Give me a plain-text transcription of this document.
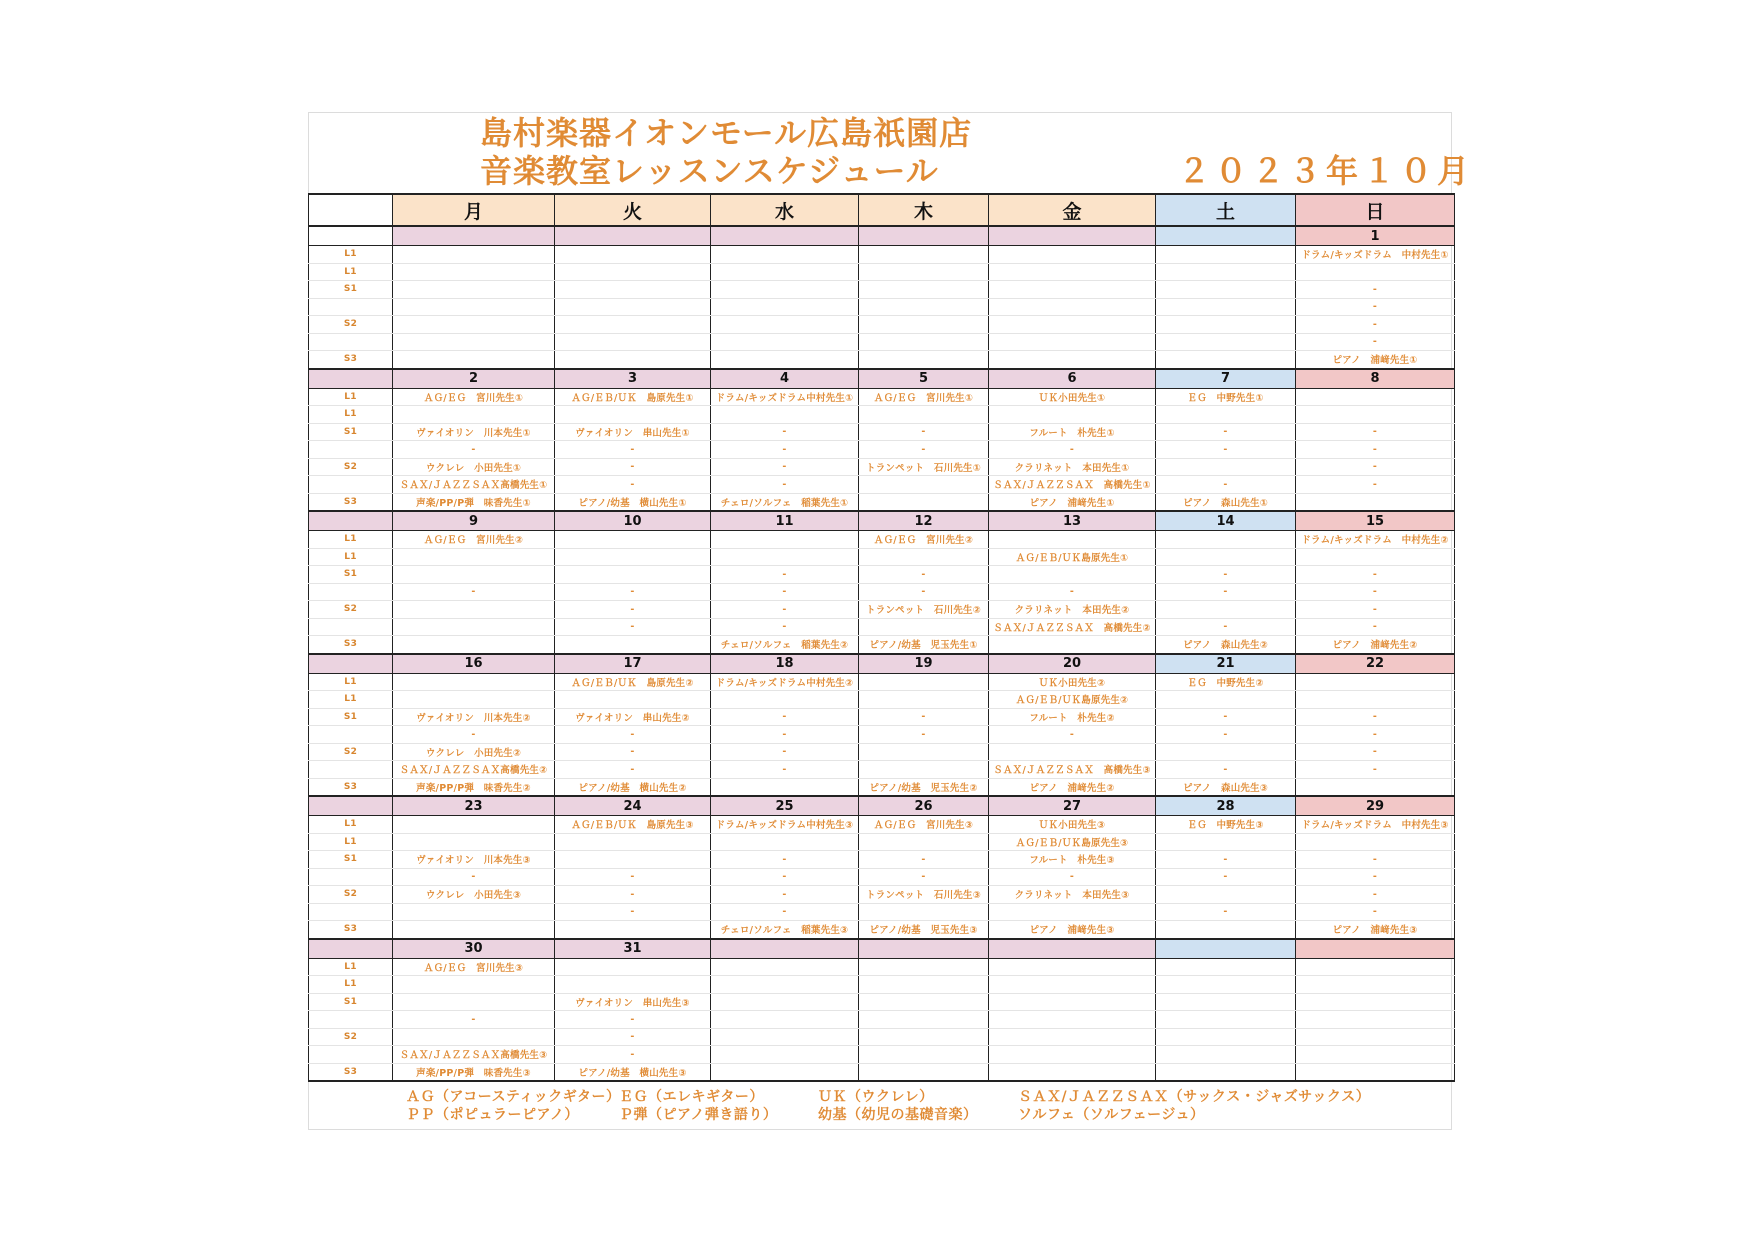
島村楽器イオンモール広島祇園店
音楽教室レッスンスケジュール	２０２３年１０月
	月	火	水	木	金	土	日
							1
L1							ドラム/キッズドラム　中村先生①
L1							
S1							-
							-
S2							-
							-
S3							ピアノ　浦﨑先生①
	2	3	4	5	6	7	8
L1	ＡＧ/ＥＧ　宮川先生①	ＡＧ/ＥＢ/ＵＫ　島原先生①	ドラム/キッズドラム中村先生①	ＡＧ/ＥＧ　宮川先生①	ＵＫ小田先生①	ＥＧ　中野先生①	
L1							
S1	ヴァイオリン　川本先生①	ヴァイオリン　串山先生①	-	-	フルート　朴先生①	-	-
	-	-	-	-	-	-	-
S2	ウクレレ　小田先生①	-	-	トランペット　石川先生①	クラリネット　本田先生①		-
	ＳＡＸ/ＪＡＺＺＳＡＸ高橋先生①	-	-		ＳＡＸ/ＪＡＺＺＳＡＸ　高橋先生①	-	-
S3	声楽/PP/P弾　味香先生①	ピアノ/幼基　横山先生①	チェロ/ソルフェ　稲葉先生①		ピアノ　浦﨑先生①	ピアノ　森山先生①	
	9	10	11	12	13	14	15
L1	ＡＧ/ＥＧ　宮川先生②			ＡＧ/ＥＧ　宮川先生②			ドラム/キッズドラム　中村先生②
L1					ＡＧ/ＥＢ/ＵＫ島原先生①		
S1			-	-		-	-
	-	-	-	-	-	-	-
S2		-	-	トランペット　石川先生②	クラリネット　本田先生②		-
		-	-		ＳＡＸ/ＪＡＺＺＳＡＸ　高橋先生②	-	-
S3			チェロ/ソルフェ　稲葉先生②	ピアノ/幼基　児玉先生①		ピアノ　森山先生②	ピアノ　浦﨑先生②
	16	17	18	19	20	21	22
L1		ＡＧ/ＥＢ/ＵＫ　島原先生②	ドラム/キッズドラム中村先生②		ＵＫ小田先生②	ＥＧ　中野先生②	
L1					ＡＧ/ＥＢ/ＵＫ島原先生②		
S1	ヴァイオリン　川本先生②	ヴァイオリン　串山先生②	-	-	フルート　朴先生②	-	-
	-	-	-	-	-	-	-
S2	ウクレレ　小田先生②	-	-				-
	ＳＡＸ/ＪＡＺＺＳＡＸ高橋先生②	-	-		ＳＡＸ/ＪＡＺＺＳＡＸ　高橋先生③	-	-
S3	声楽/PP/P弾　味香先生②	ピアノ/幼基　横山先生②		ピアノ/幼基　児玉先生②	ピアノ　浦﨑先生②	ピアノ　森山先生③	
	23	24	25	26	27	28	29
L1		ＡＧ/ＥＢ/ＵＫ　島原先生③	ドラム/キッズドラム中村先生③	ＡＧ/ＥＧ　宮川先生③	ＵＫ小田先生③	ＥＧ　中野先生③	ドラム/キッズドラム　中村先生③
L1					ＡＧ/ＥＢ/ＵＫ島原先生③		
S1	ヴァイオリン　川本先生③		-	-	フルート　朴先生③	-	-
	-	-	-	-	-	-	-
S2	ウクレレ　小田先生③	-	-	トランペット　石川先生③	クラリネット　本田先生③		-
		-	-			-	-
S3			チェロ/ソルフェ　稲葉先生③	ピアノ/幼基　児玉先生③	ピアノ　浦﨑先生③		ピアノ　浦﨑先生③
	30	31					
L1	ＡＧ/ＥＧ　宮川先生③						
L1							
S1		ヴァイオリン　串山先生③					
	-	-					
S2		-					
	ＳＡＸ/ＪＡＺＺＳＡＸ高橋先生③	-					
S3	声楽/PP/P弾　味香先生③	ピアノ/幼基　横山先生③					
ＡＧ（アコースティックギター）
ＥＧ（エレキギター）	ＵＫ（ウクレレ）	ＳＡＸ/ＪＡＺＺＳＡＸ（サックス・ジャズサックス）
ＰＰ（ポピュラーピアノ）	Ｐ弾（ピアノ弾き語り）	幼基（幼児の基礎音楽）	ソルフェ（ソルフェージュ）
